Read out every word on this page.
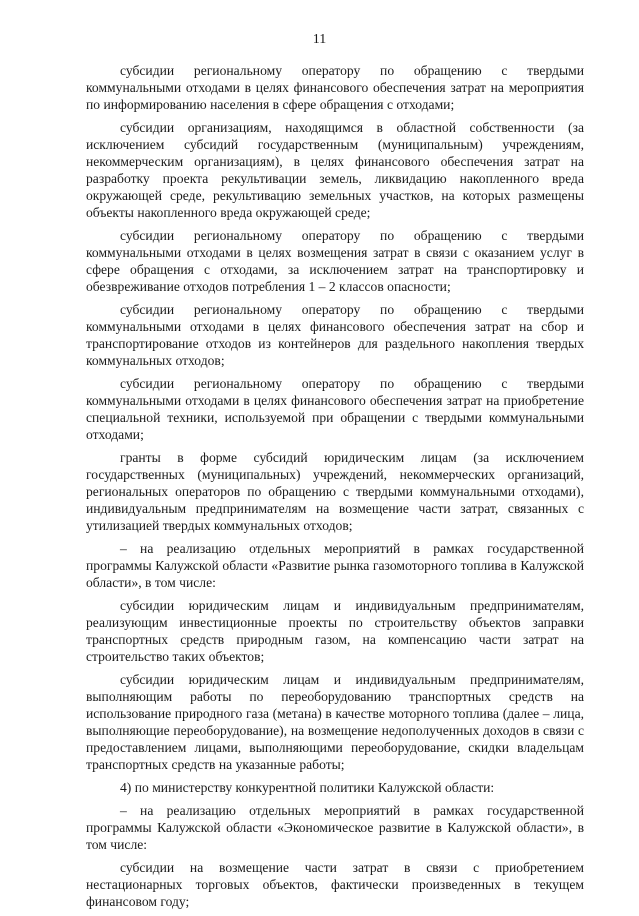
11

субсидии региональному оператору по обращению с твердыми коммунальными отходами в целях финансового обеспечения затрат на мероприятия по информированию населения в сфере обращения с отходами;

субсидии организациям, находящимся в областной собственности (за исключением субсидий государственным (муниципальным) учреждениям, некоммерческим организациям), в целях финансового обеспечения затрат на разработку проекта рекультивации земель, ликвидацию накопленного вреда окружающей среде, рекультивацию земельных участков, на которых размещены объекты накопленного вреда окружающей среде;

субсидии региональному оператору по обращению с твердыми коммунальными отходами в целях возмещения затрат в связи с оказанием услуг в сфере обращения с отходами, за исключением затрат на транспортировку и обезвреживание отходов потребления 1 – 2 классов опасности;

субсидии региональному оператору по обращению с твердыми коммунальными отходами в целях финансового обеспечения затрат на сбор и транспортирование отходов из контейнеров для раздельного накопления твердых коммунальных отходов;

субсидии региональному оператору по обращению с твердыми коммунальными отходами в целях финансового обеспечения затрат на приобретение специальной техники, используемой при обращении с твердыми коммунальными отходами;

гранты в форме субсидий юридическим лицам (за исключением государственных (муниципальных) учреждений, некоммерческих организаций, региональных операторов по обращению с твердыми коммунальными отходами), индивидуальным предпринимателям на возмещение части затрат, связанных с утилизацией твердых коммунальных отходов;

– на реализацию отдельных мероприятий в рамках государственной программы Калужской области «Развитие рынка газомоторного топлива в Калужской области», в том числе:

субсидии юридическим лицам и индивидуальным предпринимателям, реализующим инвестиционные проекты по строительству объектов заправки транспортных средств природным газом, на компенсацию части затрат на строительство таких объектов;

субсидии юридическим лицам и индивидуальным предпринимателям, выполняющим работы по переоборудованию транспортных средств на использование природного газа (метана) в качестве моторного топлива (далее – лица, выполняющие переоборудование), на возмещение недополученных доходов в связи с предоставлением лицами, выполняющими переоборудование, скидки владельцам транспортных средств на указанные работы;

4) по министерству конкурентной политики Калужской области:

– на реализацию отдельных мероприятий в рамках государственной программы Калужской области «Экономическое развитие в Калужской области», в том числе:

субсидии на возмещение части затрат в связи с приобретением нестационарных торговых объектов, фактически произведенных в текущем финансовом году;
